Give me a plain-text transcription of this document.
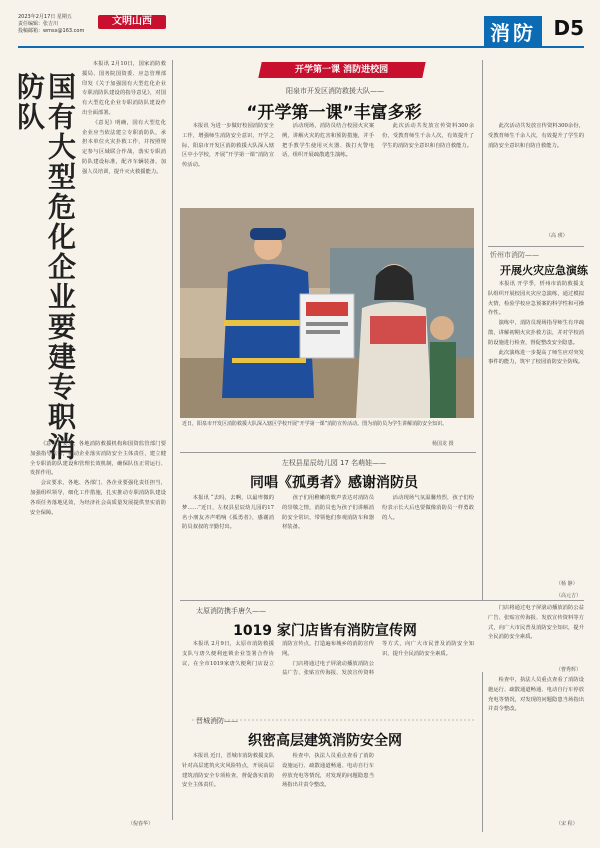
2023年2月17日 星期五
责任编辑：张吉川
投稿邮箱：wmsx@163.com
文明山西	消防 D5
国有大型危化企业要建专职消防队

本报讯 2月10日，国家消防救援局、国务院国资委、应急管理部印发《关于加强国有大型危化企业专职消防队建设的指导意见》，对国有大型危化企业专职消防队建设作出全面部署。

《意见》明确，国有大型危化企业应当依法建立专职消防队，承担本单位火灾扑救工作，并按照规定参与区域联合作战，落实专职消防队建设标准，配齐车辆装备，加强人员培训，提升灭火救援能力。

《意见》要求，各地消防救援机构和国资监管部门要加强指导监督，推动企业落实消防安全主体责任，建立健全专职消防队建设和管理长效机制，确保队伍正常运行、发挥作用。

会议要求，各地、各部门、各企业要强化责任担当，加强组织领导，细化工作措施，扎实推动专职消防队建设各项任务落地见效，为经济社会高质量发展提供坚实消防安全保障。

（倪春华）
开学第一课 消防进校园
阳泉市开发区消防救援大队——
“开学第一课”丰富多彩

本报讯 为进一步做好校园消防安全工作，增强师生消防安全意识，开学之际，阳泉市开发区消防救援大队深入辖区中小学校，开展“开学第一课”消防宣传活动。

活动现场，消防员结合校园火灾案例，讲解火灾的危害和预防措施，并手把手教学生使用灭火器、拨打火警电话，组织开展疏散逃生演练。

此次活动共发放宣传资料300余份，受教育师生千余人次，有效提升了学生的消防安全意识和自防自救能力。

（高 瑛）
近日，阳泉市开发区消防救援大队深入辖区学校开展“开学第一课”消防宣传活动。图为消防员为学生讲解消防安全知识。
杨国龙 摄
左权县星辰幼儿园 17 名萌娃——
同唱《孤勇者》感谢消防员

本报讯 “去吗，去啊，以最卑微的梦……”近日，左权县星辰幼儿园的17名小朋友齐声唱响《孤勇者》，感谢消防员叔叔的辛勤付出。

孩子们用稚嫩的歌声表达对消防员的崇敬之情，消防员也为孩子们讲解消防安全常识，带领他们参观消防车和器材装备。

活动现场气氛温馨热烈，孩子们纷纷表示长大后也要做像消防员一样勇敢的人。

（高元吉）

此次活动共发放宣传资料300余份，受教育师生千余人次，有效提升了学生的消防安全意识和自防自救能力。

忻州市消防——
开展火灾应急演练

本报讯 开学季，忻州市消防救援支队组织开展校园火灾应急演练，通过模拟火情，检验学校应急预案的科学性和可操作性。

演练中，消防员现场指导师生有序疏散，讲解初期火灾扑救方法，并对学校消防设施进行检查，督促整改安全隐患。

此次演练进一步提高了师生应对突发事件的能力，筑牢了校园消防安全防线。

（杨 静）
太原消防携手唐久——
1019 家门店皆有消防宣传网

本报讯 2月9日，太原市消防救援支队与唐久便利连锁企业签署合作协议，在全市1019家唐久便利门店设立消防宣传点，打造遍布城乡的消防宣传网。

门店将通过电子屏滚动播放消防公益广告、张贴宣传海报、发放宣传资料等方式，向广大市民普及消防安全知识，提升全民消防安全素质。

门店将通过电子屏滚动播放消防公益广告、张贴宣传海报、发放宣传资料等方式，向广大市民普及消防安全知识，提升全民消防安全素质。

（曹秀辉）
晋城消防——
织密高层建筑消防安全网

本报讯 近日，晋城市消防救援支队针对高层建筑火灾风险特点，开展高层建筑消防安全专项检查，督促落实消防安全主体责任。

检查中，执法人员重点查看了消防设施运行、疏散通道畅通、电动自行车停放充电等情况，对发现的问题隐患当场指出并责令整改。

检查中，执法人员重点查看了消防设施运行、疏散通道畅通、电动自行车停放充电等情况，对发现的问题隐患当场指出并责令整改。

（宋 程）
